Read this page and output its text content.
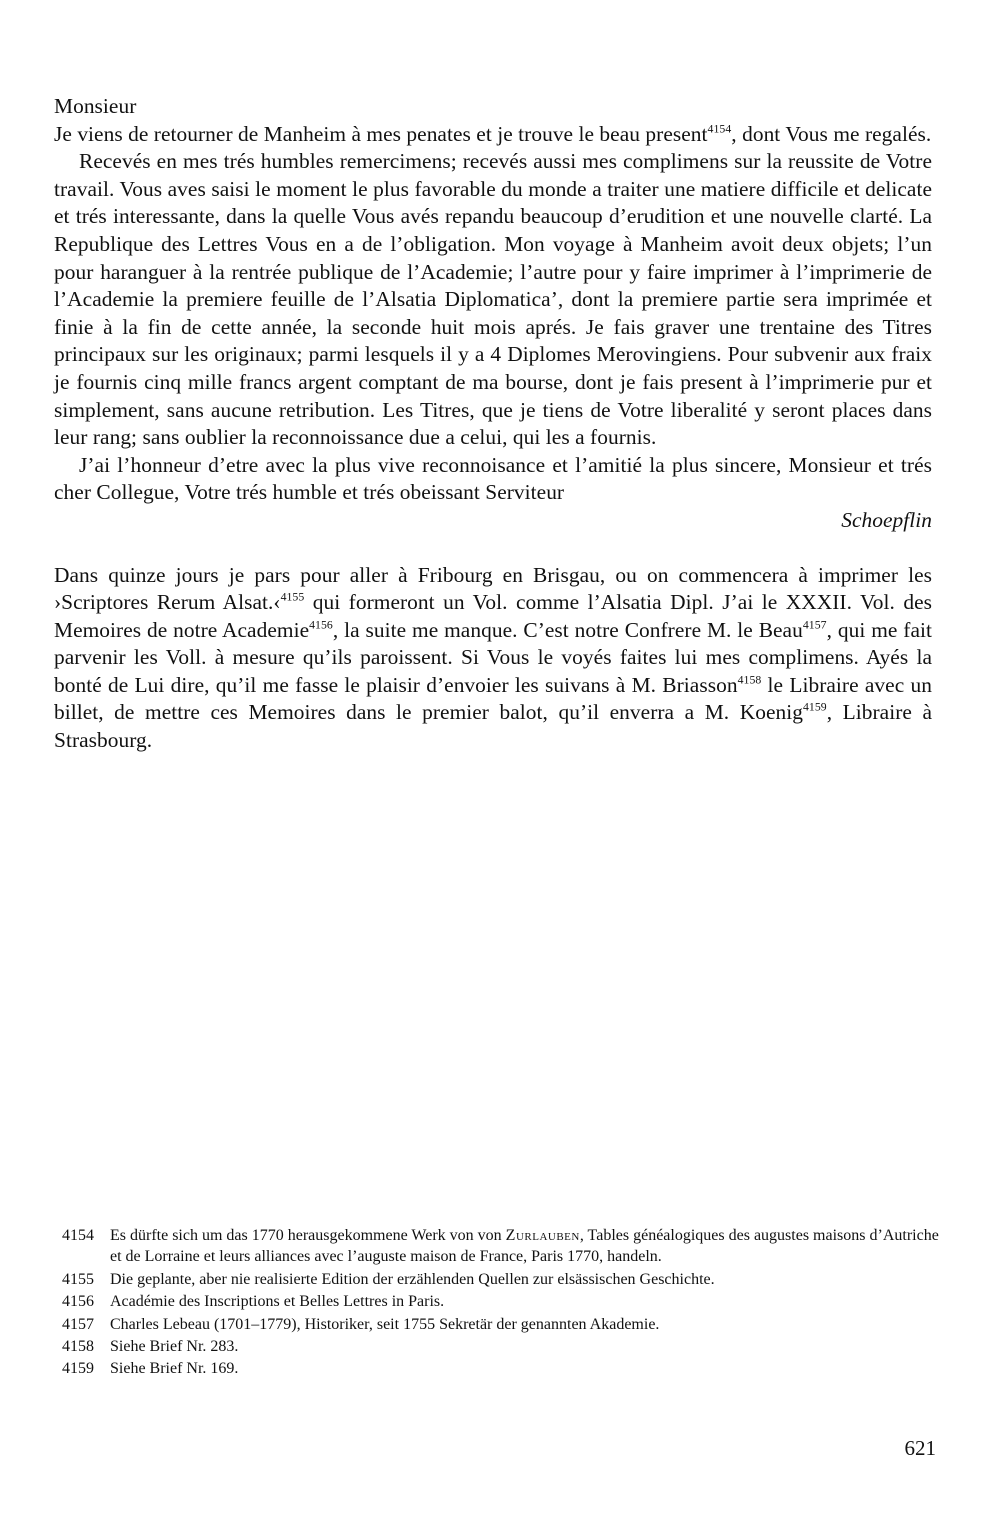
Monsieur

Je viens de retourner de Manheim à mes penates et je trouve le beau present$^{4154}$, dont Vous me regalés.

Recevés en mes trés humbles remercimens; recevés aussi mes complimens sur la reussite de Votre travail. Vous aves saisi le moment le plus favorable du monde a traiter une matiere difficile et delicate et trés interessante, dans la quelle Vous avés repandu beaucoup d’erudition et une nouvelle clarté. La Republique des Lettres Vous en a de l’obligation. Mon voyage à Manheim avoit deux objets; l’un pour haranguer à la rentrée publique de l’Academie; l’autre pour y faire imprimer à l’imprimerie de l’Academie la premiere feuille de l’Alsatia Diplomatica’, dont la premiere partie sera imprimée et finie à la fin de cette année, la seconde huit mois aprés. Je fais graver une trentaine des Titres principaux sur les originaux; parmi lesquels il y a 4 Diplomes Merovingiens. Pour subvenir aux fraix je fournis cinq mille francs argent comptant de ma bourse, dont je fais present à l’imprimerie pur et simplement, sans aucune retribution. Les Titres, que je tiens de Votre liberalité y seront places dans leur rang; sans oublier la reconnoissance due a celui, qui les a fournis.

J’ai l’honneur d’etre avec la plus vive reconnoisance et l’amitié la plus sincere, Monsieur et trés cher Collegue, Votre trés humble et trés obeissant Serviteur

Schoepflin

Dans quinze jours je pars pour aller à Fribourg en Brisgau, ou on commencera à imprimer les ›Scriptores Rerum Alsat.‹$^{4155}$ qui formeront un Vol. comme l’Alsatia Dipl. J’ai le XXXII. Vol. des Memoires de notre Academie$^{4156}$, la suite me manque. C’est notre Confrere M. le Beau$^{4157}$, qui me fait parvenir les Voll. à mesure qu’ils paroissent. Si Vous le voyés faites lui mes complimens. Ayés la bonté de Lui dire, qu’il me fasse le plaisir d’envoier les suivans à M. Briasson$^{4158}$ le Libraire avec un billet, de mettre ces Memoires dans le premier balot, qu’il enverra a M. Koenig$^{4159}$, Libraire à Strasbourg.

4154 Es dürfte sich um das 1770 herausgekommene Werk von von Zurlauben, Tables généalogiques des augustes maisons d’Autriche et de Lorraine et leurs alliances avec l’auguste maison de France, Paris 1770, handeln.
4155 Die geplante, aber nie realisierte Edition der erzählenden Quellen zur elsässischen Geschichte.
4156 Académie des Inscriptions et Belles Lettres in Paris.
4157 Charles Lebeau (1701–1779), Historiker, seit 1755 Sekretär der genannten Akademie.
4158 Siehe Brief Nr. 283.
4159 Siehe Brief Nr. 169.
621
